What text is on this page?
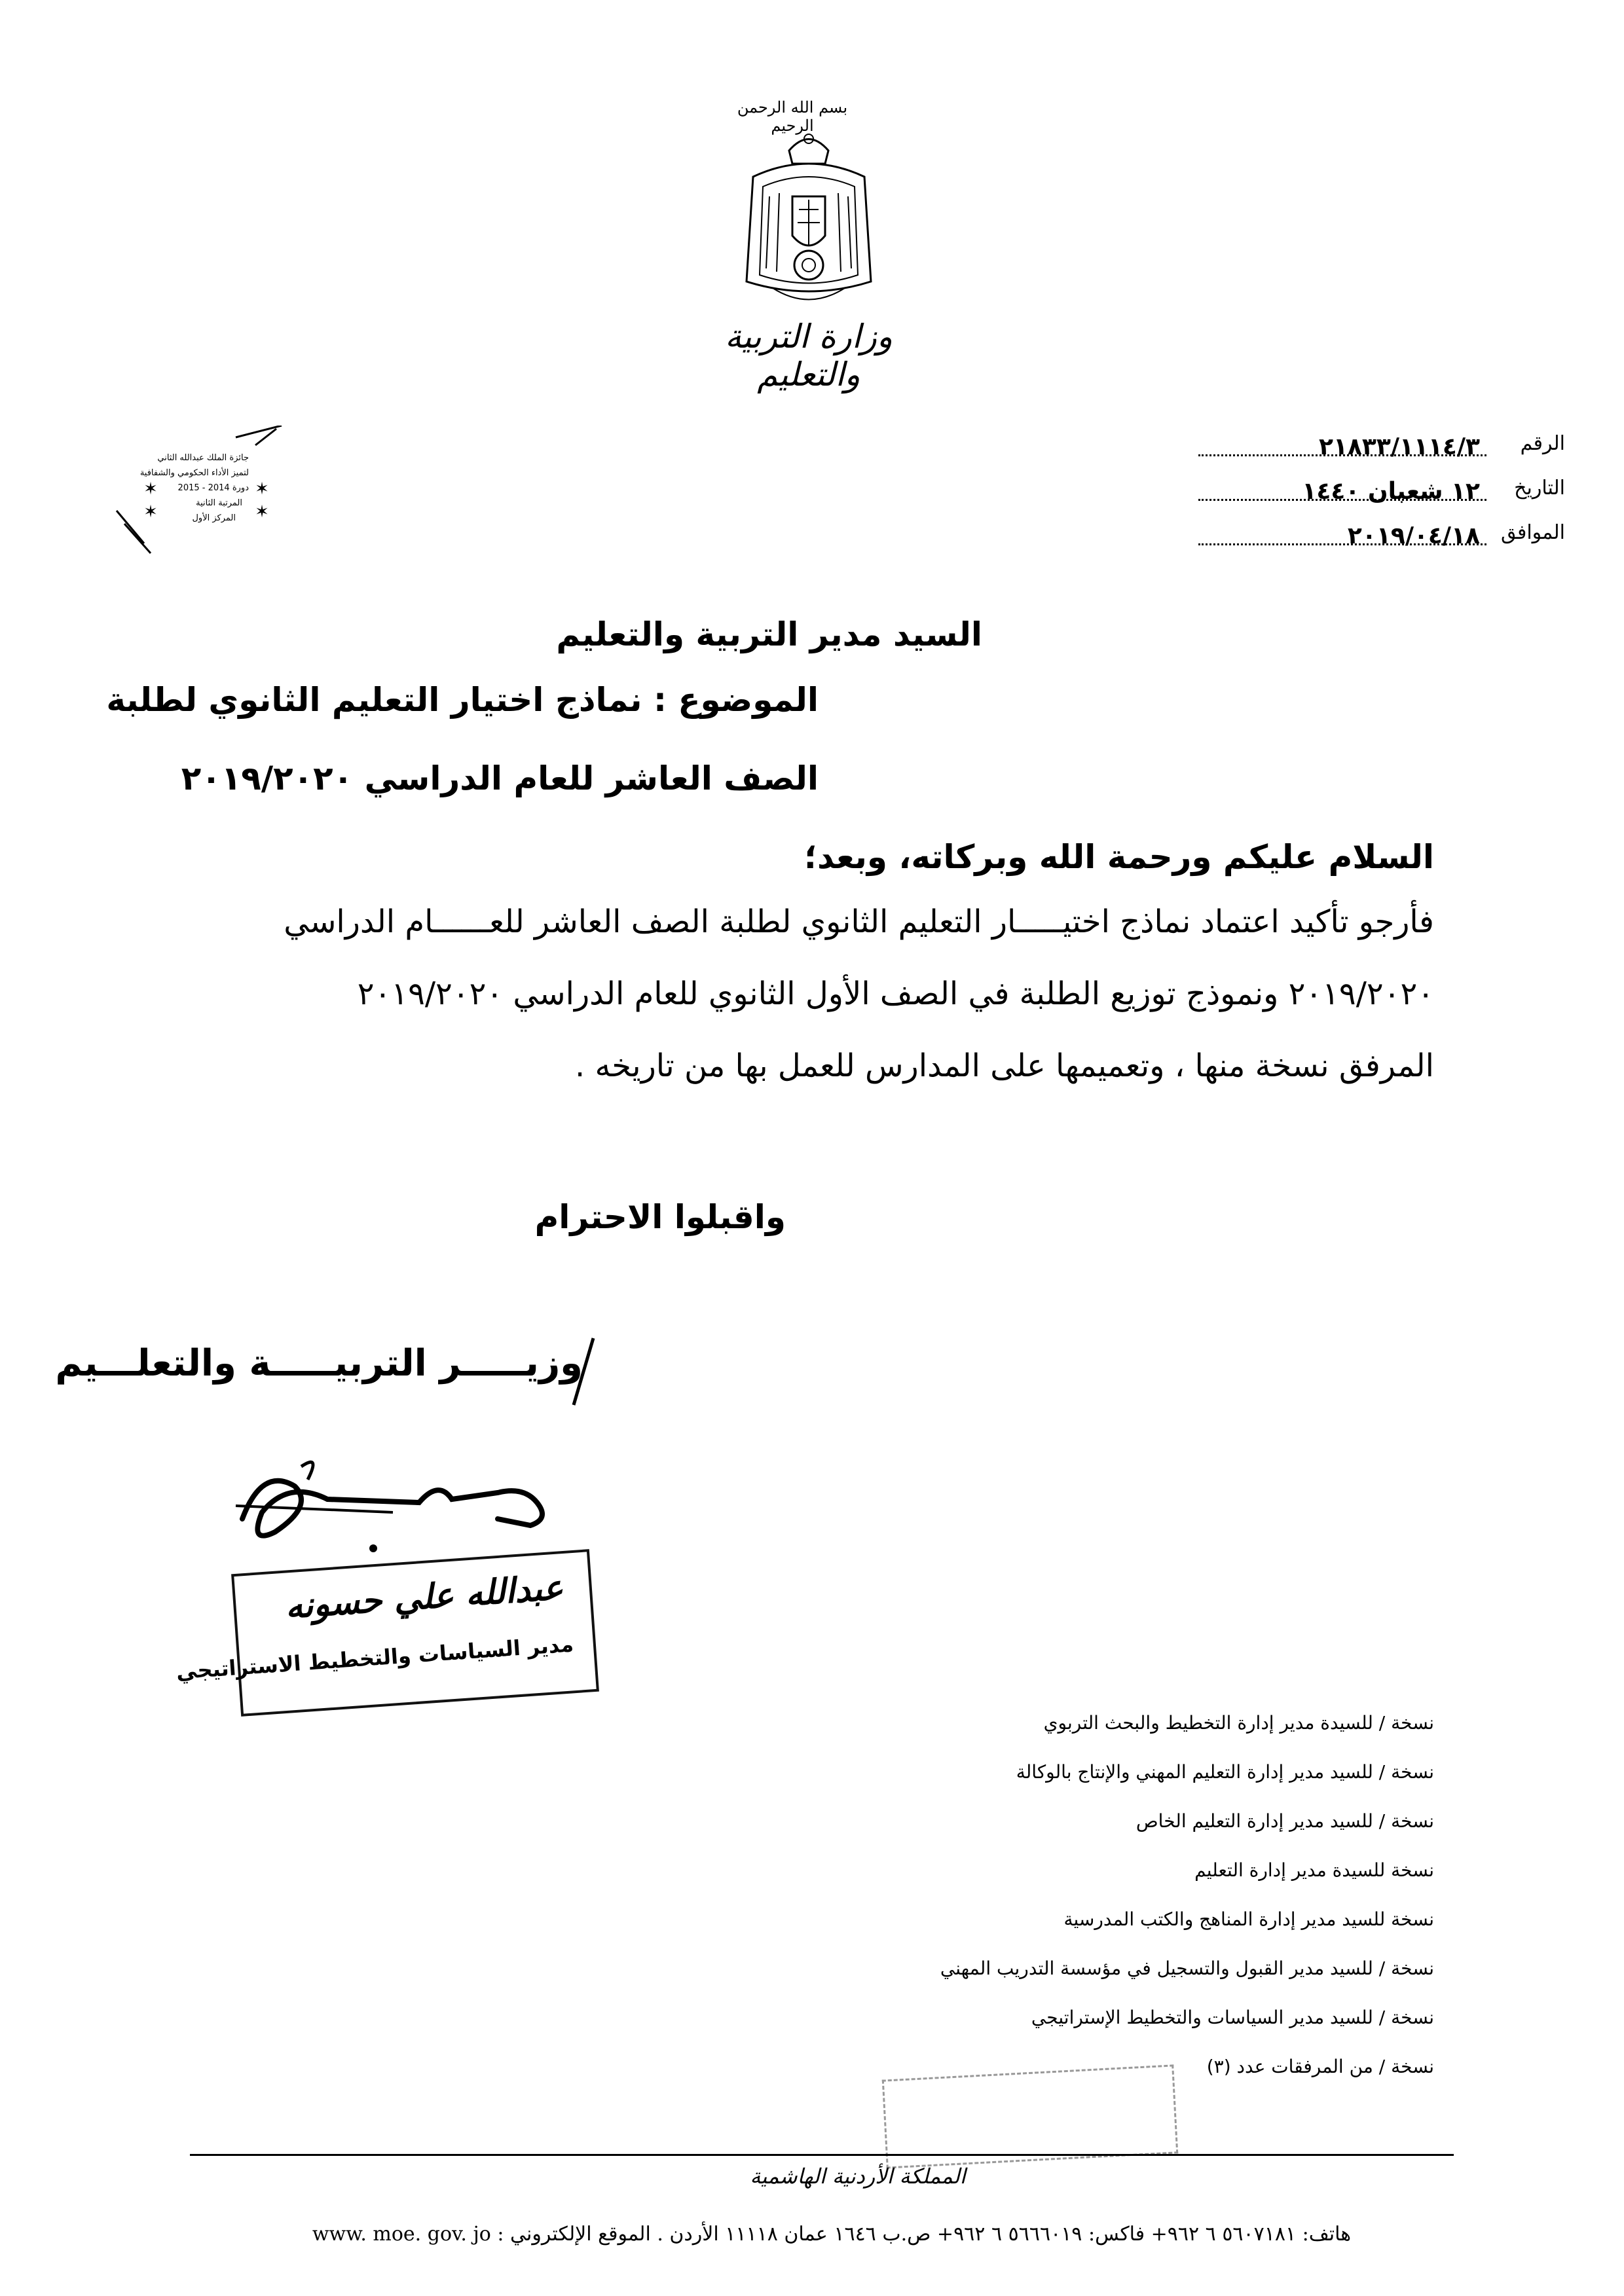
بسم الله الرحمن الرحيم
وزارة التربية والتعليم
✶
✶
✶
✶
جائزة الملك عبدالله الثاني
لتميز الأداء الحكومي والشفافية
دورة 2014 - 2015
المرتبة الثانية
المركز الأول
الرقم
٢١٨٣٣/١١١٤/٣
التاريخ
١٢ شعبان ١٤٤٠
الموافق
٢٠١٩/٠٤/١٨
السيد مدير التربية والتعليم
الموضوع : نماذج اختيار التعليم الثانوي لطلبة
الصف العاشر للعام الدراسي ٢٠١٩/٢٠٢٠
السلام عليكم ورحمة الله وبركاته، وبعد؛
فأرجو تأكيد اعتماد نماذج اختيـــــار التعليم الثانوي لطلبة الصف العاشر للعــــــام الدراسي
٢٠١٩/٢٠٢٠ ونموذج توزيع الطلبة في الصف الأول الثانوي للعام الدراسي ٢٠١٩/٢٠٢٠
المرفق نسخة منها ، وتعميمها على المدارس للعمل بها من تاريخه .
واقبلوا الاحترام
وزيـــــر التربيـــــة والتعلـــيم
عبدالله علي حسونه
مدير السياسات والتخطيط الاستراتيجي
نسخة / للسيدة مدير إدارة التخطيط والبحث التربوي
نسخة / للسيد مدير إدارة التعليم المهني والإنتاج بالوكالة
نسخة / للسيد مدير إدارة التعليم الخاص
نسخة للسيدة مدير إدارة التعليم
نسخة للسيد مدير إدارة المناهج والكتب المدرسية
نسخة / للسيد مدير القبول والتسجيل في مؤسسة التدريب المهني
نسخة / للسيد مدير السياسات والتخطيط الإستراتيجي
نسخة / من المرفقات عدد (٣)
المملكة الأردنية الهاشمية
هاتف: ٥٦٠٧١٨١ ٦ ٩٦٢+ فاكس: ٥٦٦٦٠١٩ ٦ ٩٦٢+ ص.ب ١٦٤٦ عمان ١١١١٨ الأردن . الموقع الإلكتروني : www. moe. gov. jo
